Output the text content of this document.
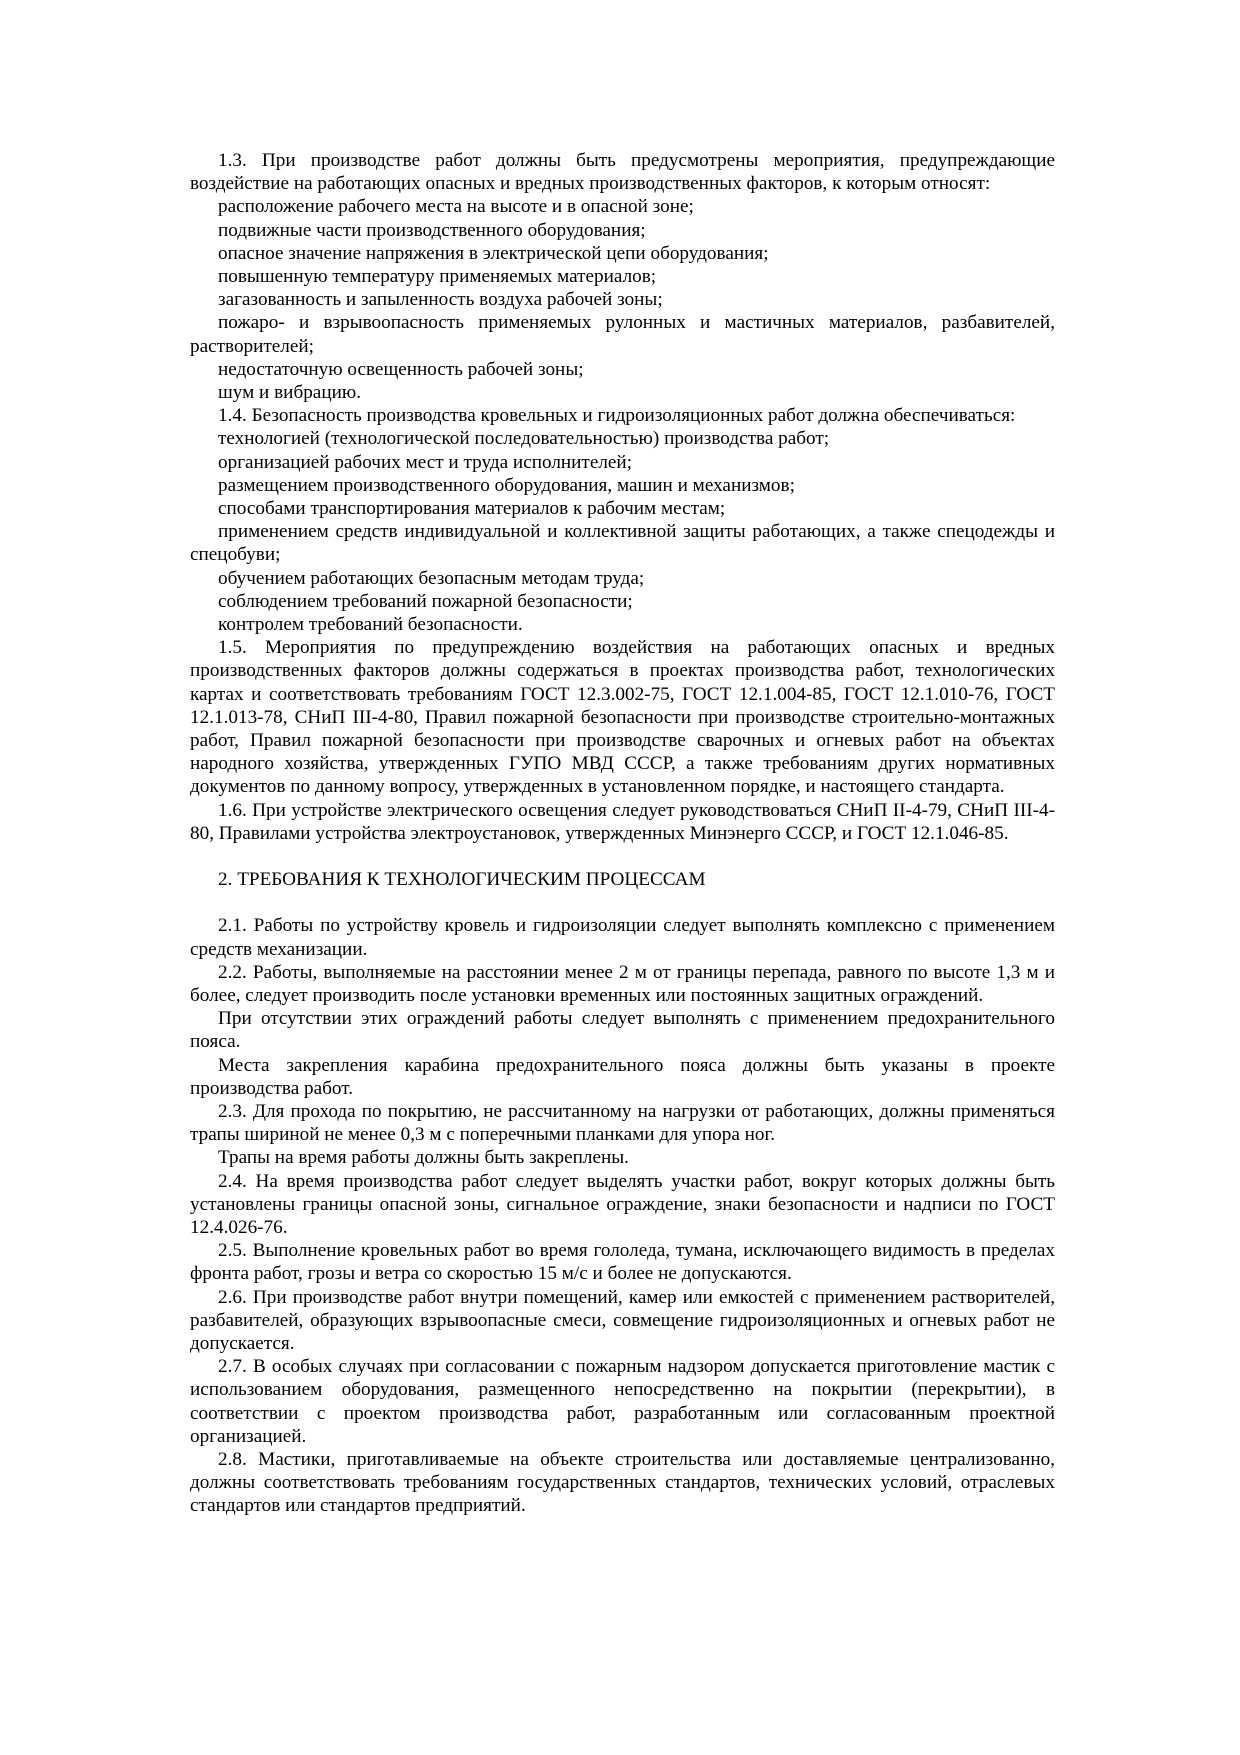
1.3. При производстве работ должны быть предусмотрены мероприятия, предупреждающие воздействие на работающих опасных и вредных производственных факторов, к которым относят:

расположение рабочего места на высоте и в опасной зоне;

подвижные части производственного оборудования;

опасное значение напряжения в электрической цепи оборудования;

повышенную температуру применяемых материалов;

загазованность и запыленность воздуха рабочей зоны;

пожаро- и взрывоопасность применяемых рулонных и мастичных материалов, разбавителей, растворителей;

недостаточную освещенность рабочей зоны;

шум и вибрацию.

1.4. Безопасность производства кровельных и гидроизоляционных работ должна обеспечиваться:

технологией (технологической последовательностью) производства работ;

организацией рабочих мест и труда исполнителей;

размещением производственного оборудования, машин и механизмов;

способами транспортирования материалов к рабочим местам;

применением средств индивидуальной и коллективной защиты работающих, а также спецодежды и спецобуви;

обучением работающих безопасным методам труда;

соблюдением требований пожарной безопасности;

контролем требований безопасности.

1.5. Мероприятия по предупреждению воздействия на работающих опасных и вредных производственных факторов должны содержаться в проектах производства работ, технологических картах и соответствовать требованиям ГОСТ 12.3.002-75, ГОСТ 12.1.004-85, ГОСТ 12.1.010-76, ГОСТ 12.1.013-78, СНиП III-4-80, Правил пожарной безопасности при производстве строительно-монтажных работ, Правил пожарной безопасности при производстве сварочных и огневых работ на объектах народного хозяйства, утвержденных ГУПО МВД СССР, а также требованиям других нормативных документов по данному вопросу, утвержденных в установленном порядке, и настоящего стандарта.

1.6. При устройстве электрического освещения следует руководствоваться СНиП II-4-79, СНиП III-4-80, Правилами устройства электроустановок, утвержденных Минэнерго СССР, и ГОСТ 12.1.046-85.

2. ТРЕБОВАНИЯ К ТЕХНОЛОГИЧЕСКИМ ПРОЦЕССАМ

2.1. Работы по устройству кровель и гидроизоляции следует выполнять комплексно с применением средств механизации.

2.2. Работы, выполняемые на расстоянии менее 2 м от границы перепада, равного по высоте 1,3 м и более, следует производить после установки временных или постоянных защитных ограждений.

При отсутствии этих ограждений работы следует выполнять с применением предохранительного пояса.

Места закрепления карабина предохранительного пояса должны быть указаны в проекте производства работ.

2.3. Для прохода по покрытию, не рассчитанному на нагрузки от работающих, должны применяться трапы шириной не менее 0,3 м с поперечными планками для упора ног.

Трапы на время работы должны быть закреплены.

2.4. На время производства работ следует выделять участки работ, вокруг которых должны быть установлены границы опасной зоны, сигнальное ограждение, знаки безопасности и надписи по ГОСТ 12.4.026-76.

2.5. Выполнение кровельных работ во время гололеда, тумана, исключающего видимость в пределах фронта работ, грозы и ветра со скоростью 15 м/с и более не допускаются.

2.6. При производстве работ внутри помещений, камер или емкостей с применением растворителей, разбавителей, образующих взрывоопасные смеси, совмещение гидроизоляционных и огневых работ не допускается.

2.7. В особых случаях при согласовании с пожарным надзором допускается приготовление мастик с использованием оборудования, размещенного непосредственно на покрытии (перекрытии), в соответствии с проектом производства работ, разработанным или согласованным проектной организацией.

2.8. Мастики, приготавливаемые на объекте строительства или доставляемые централизованно, должны соответствовать требованиям государственных стандартов, технических условий, отраслевых стандартов или стандартов предприятий.
